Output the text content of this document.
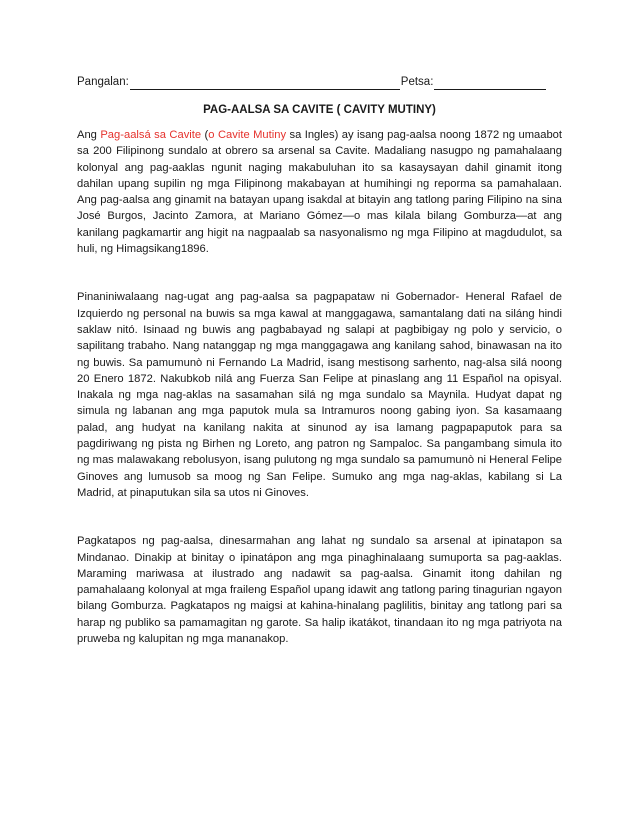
Pangalan:	Petsa:
PAG-AALSA SA CAVITE ( CAVITY MUTINY)

Ang Pag-aalsá sa Cavite (o Cavite Mutiny sa Ingles) ay isang pag-aalsa noong 1872 ng umaabot sa 200 Filipinong sundalo at obrero sa arsenal sa Cavite. Madaliang nasugpo ng pamahalaang kolonyal ang pag-aaklas ngunit naging makabuluhan ito sa kasaysayan dahil ginamit itong dahilan upang supilin ng mga Filipinong makabayan at humihingi ng reporma sa pamahalaan. Ang pag-aalsa ang ginamit na batayan upang isakdal at bitayin ang tatlong paring Filipino na sina José Burgos, Jacinto Zamora, at Mariano Gómez—o mas kilala bilang Gomburza—at ang kanilang pagkamartir ang higit na nagpaalab sa nasyonalismo ng mga Filipino at magdudulot, sa huli, ng Himagsikang1896.

Pinaniniwalaang nag-ugat ang pag-aalsa sa pagpapataw ni Gobernador- Heneral Rafael de Izquierdo ng personal na buwis sa mga kawal at manggagawa, samantalang dati na siláng hindi saklaw nitó. Isinaad ng buwis ang pagbabayad ng salapi at pagbibigay ng polo y servicio, o sapilitang trabaho. Nang natanggap ng mga manggagawa ang kanilang sahod, binawasan na ito ng buwis. Sa pamumunò ni Fernando La Madrid, isang mestisong sarhento, nag-alsa silá noong 20 Enero 1872. Nakubkob nilá ang Fuerza San Felipe at pinaslang ang 11 Español na opisyal. Inakala ng mga nag-aklas na sasamahan silá ng mga sundalo sa Maynila. Hudyat dapat ng simula ng labanan ang mga paputok mula sa Intramuros noong gabing iyon. Sa kasamaang palad, ang hudyat na kanilang nakita at sinunod ay isa lamang pagpapaputok para sa pagdiriwang ng pista ng Birhen ng Loreto, ang patron ng Sampaloc. Sa pangambang simula ito ng mas malawakang rebolusyon, isang pulutong ng mga sundalo sa pamumunò ni Heneral Felipe Ginoves ang lumusob sa moog ng San Felipe. Sumuko ang mga nag-aklas, kabilang si La Madrid, at pinaputukan sila sa utos ni Ginoves.

Pagkatapos ng pag-aalsa, dinesarmahan ang lahat ng sundalo sa arsenal at ipinatapon sa Mindanao. Dinakip at binitay o ipinatápon ang mga pinaghinalaang sumuporta sa pag-aaklas. Maraming mariwasa at ilustrado ang nadawit sa pag-aalsa. Ginamit itong dahilan ng pamahalaang kolonyal at mga fraileng Español upang idawit ang tatlong paring tinagurian ngayon bilang Gomburza. Pagkatapos ng maigsi at kahina-hinalang paglilitis, binitay ang tatlong pari sa harap ng publiko sa pamamagitan ng garote. Sa halip ikatákot, tinandaan ito ng mga patriyota na pruweba ng kalupitan ng mga mananakop.
